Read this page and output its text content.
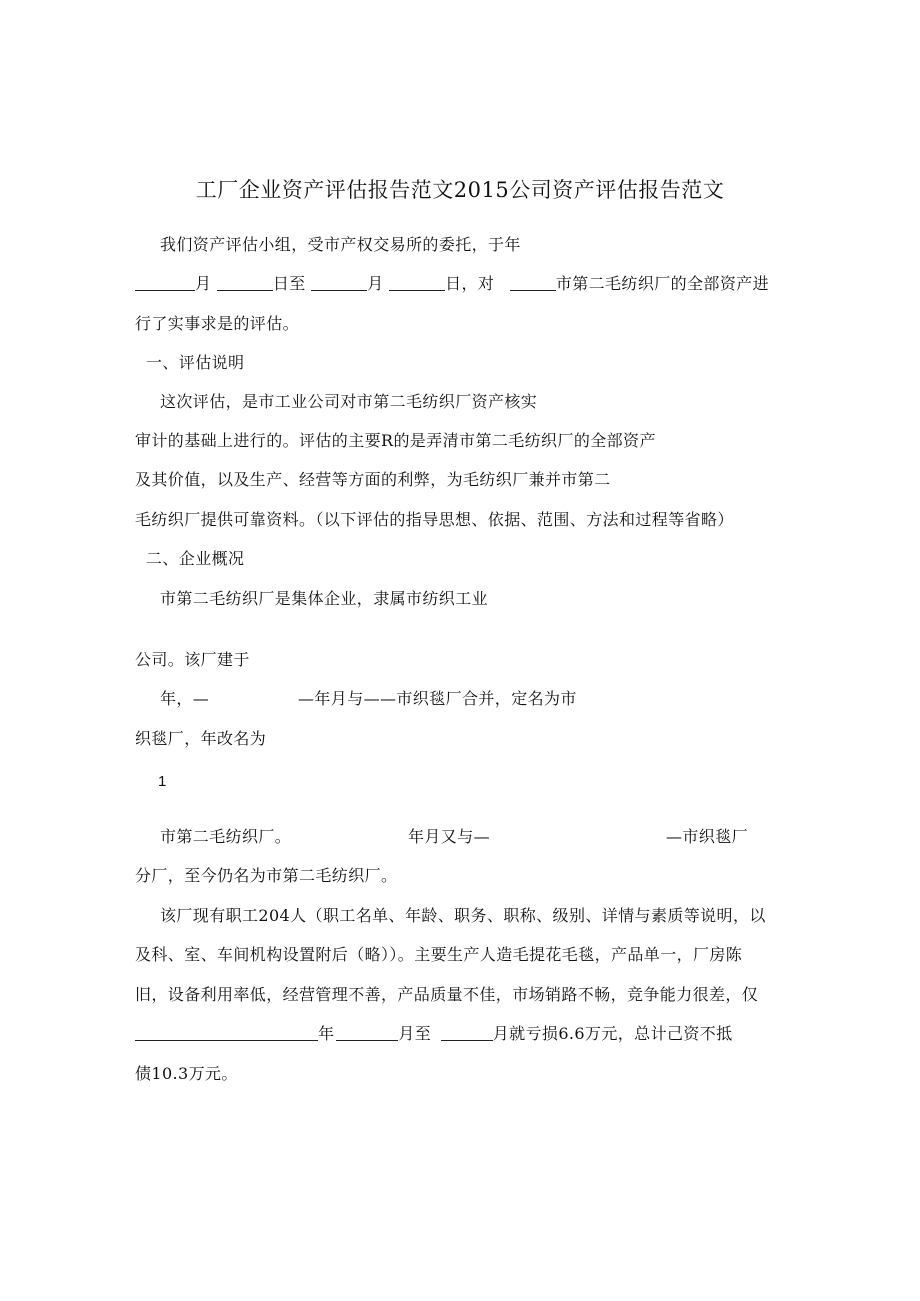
工厂企业资产评估报告范文2015公司资产评估报告范文
我们资产评估小组，受市产权交易所的委托，于年
月	日至	月	日，对	市第二毛纺织厂的全部资产进
行了实事求是的评估。
一、评估说明
这次评估，是市工业公司对市第二毛纺织厂资产核实
审计的基础上进行的。评估的主要R的是弄清市第二毛纺织厂的全部资产
及其价值，以及生产、经营等方面的利弊，为毛纺织厂兼并市第二
毛纺织厂提供可靠资料。（以下评估的指导思想、依据、范围、方法和过程等省略）
二、企业概况
市第二毛纺织厂是集体企业，隶属市纺织工业
公司。该厂建于
年，—	—年月与——市织毯厂合并，定名为市
织毯厂，年改名为
1
市第二毛纺织厂。	年月又与—	—市织毯厂
分厂，至今仍名为市第二毛纺织厂。
该厂现有职工204人（职工名单、年龄、职务、职称、级别、详情与素质等说明，以
及科、室、车间机构设置附后（略））。主要生产人造毛提花毛毯，产品单一，厂房陈
旧，设备利用率低，经营管理不善，产品质量不佳，市场销路不畅，竞争能力很差，仅
年	月至	月就亏损6.6万元，总计己资不抵
债10.3万元。
